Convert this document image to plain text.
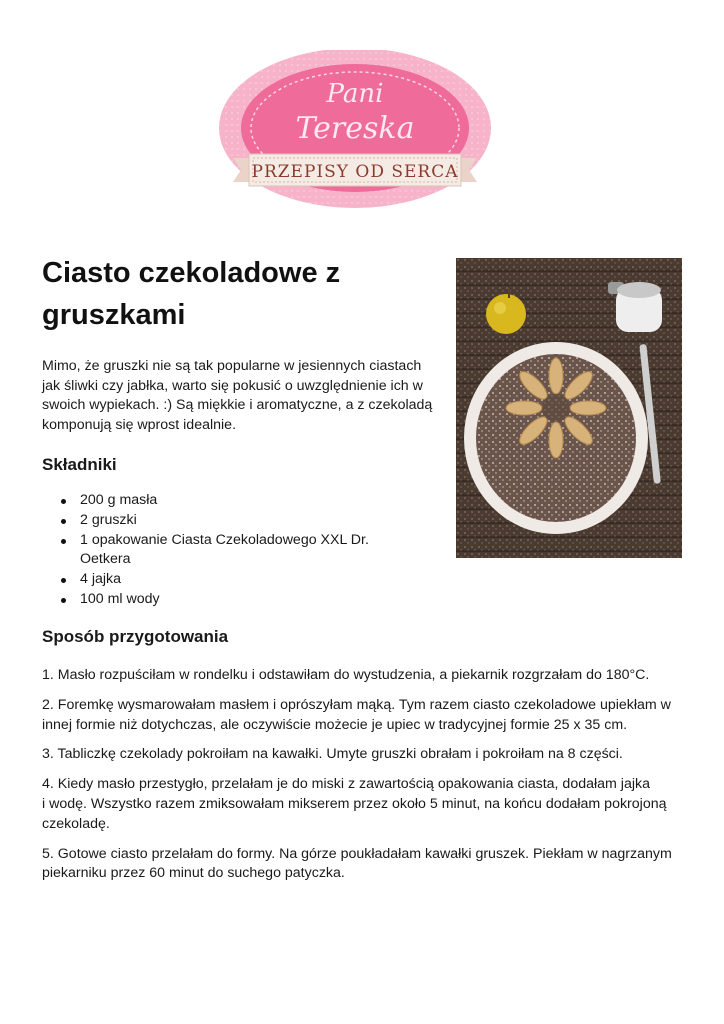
Pani
Tereska
PRZEPISY OD SERCA
Ciasto czekoladowe z gruszkami

Mimo, że gruszki nie są tak popularne w jesiennych ciastach jak śliwki czy jabłka, warto się pokusić o uwzględnienie ich w swoich wypiekach. :) Są miękkie i aromatyczne, a z czekoladą komponują się wprost idealnie.

Składniki
200 g masła
2 gruszki
1 opakowanie Ciasta Czekoladowego XXL Dr. Oetkera
4 jajka
100 ml wody
Sposób przygotowania

1. Masło rozpuściłam w rondelku i odstawiłam do wystudzenia, a piekarnik rozgrzałam do 180°C.

2. Foremkę wysmarowałam masłem i oprószyłam mąką. Tym razem ciasto czekoladowe upiekłam w innej formie niż dotychczas, ale oczywiście możecie je upiec w tradycyjnej formie 25 x 35 cm.

3. Tabliczkę czekolady pokroiłam na kawałki. Umyte gruszki obrałam i pokroiłam na 8 części.

4. Kiedy masło przestygło, przelałam je do miski z zawartością opakowania ciasta, dodałam jajka
i wodę. Wszystko razem zmiksowałam mikserem przez około 5 minut, na końcu dodałam pokrojoną czekoladę.

5. Gotowe ciasto przelałam do formy. Na górze poukładałam kawałki gruszek. Piekłam w nagrzanym piekarniku przez 60 minut do suchego patyczka.
